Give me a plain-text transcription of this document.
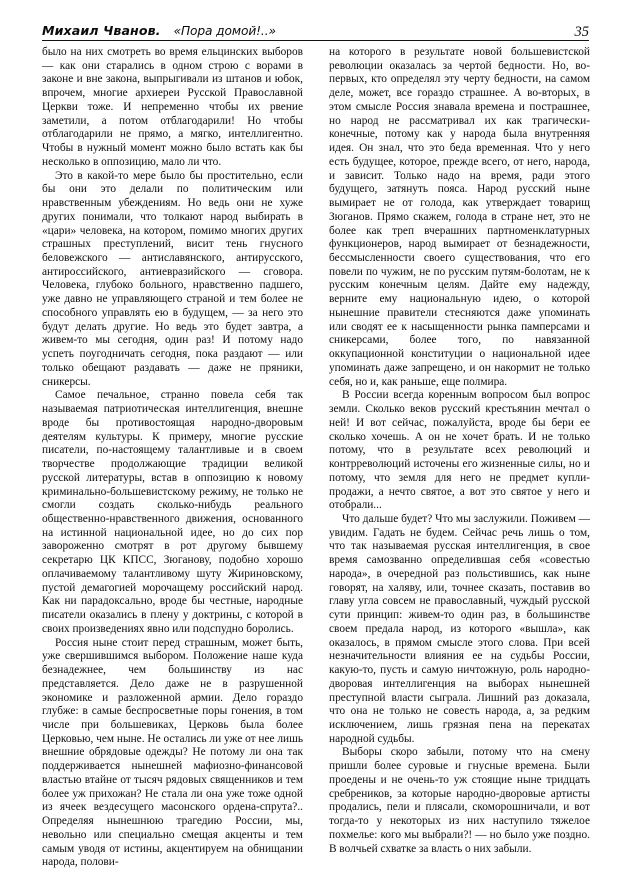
Михаил Чванов. «Пора домой!..»	35

было на них смотреть во время ельцинских выборов — как они старались в одном строю с ворами в законе и вне закона, выпрыгивали из штанов и юбок, впрочем, многие архиереи Русской Православной Церкви тоже. И непременно чтобы их рвение заметили, а потом отблагодарили! Но чтобы отблагодарили не прямо, а мягко, интеллигентно. Чтобы в нужный момент можно было встать как бы несколько в оппозицию, мало ли что.

Это в какой-то мере было бы простительно, если бы они это делали по политическим или нравственным убеждениям. Но ведь они не хуже других понимали, что толкают народ выбирать в «цари» человека, на котором, помимо многих других страшных преступлений, висит тень гнусного беловежского — антиславянского, антирусского, антироссийского, антиевразийского — сговора. Человека, глубоко больного, нравственно падшего, уже давно не управляющего страной и тем более не способного управлять ею в будущем, — за него это будут делать другие. Но ведь это будет завтра, а живем-то мы сегодня, один раз! И потому надо успеть поугодничать сегодня, пока раздают — или только обещают раздавать — даже не пряники, сникерсы.

Самое печальное, странно повела себя так называемая патриотическая интеллигенция, внешне вроде бы противостоящая народно-дворовым деятелям культуры. К примеру, многие русские писатели, по-настоящему талантливые и в своем творчестве продолжающие традиции великой русской литературы, встав в оппозицию к новому криминально-большевистскому режиму, не только не смогли создать сколько-нибудь реального общественно-нравственного движения, основанного на истинной национальной идее, но до сих пор завороженно смотрят в рот другому бывшему секретарю ЦК КПСС, Зюганову, подобно хорошо оплачиваемому талантливому шуту Жириновскому, пустой демагогией морочащему российский народ. Как ни парадоксально, вроде бы честные, народные писатели оказались в плену у доктрины, с которой в своих произведениях явно или подспудно боролись.

Россия ныне стоит перед страшным, может быть, уже свершившимся выбором. Положение наше куда безнадежнее, чем большинству из нас представляется. Дело даже не в разрушенной экономике и разложенной армии. Дело гораздо глубже: в самые беспросветные поры гонения, в том числе при большевиках, Церковь была более Церковью, чем ныне. Не остались ли уже от нее лишь внешние обрядовые одежды? Не потому ли она так поддерживается нынешней мафиозно-финансовой властью втайне от тысяч рядовых священников и тем более уж прихожан? Не стала ли она уже тоже одной из ячеек вездесущего масонского ордена-спрута?.. Определяя нынешнюю трагедию России, мы, невольно или специально смещая акценты и тем самым уводя от истины, акцентируем на обнищании народа, полови-

на которого в результате новой большевистской революции оказалась за чертой бедности. Но, во-первых, кто определял эту черту бедности, на самом деле, может, все гораздо страшнее. А во-вторых, в этом смысле Россия знавала времена и пострашнее, но народ не рассматривал их как трагически-конечные, потому как у народа была внутренняя идея. Он знал, что это беда временная. Что у него есть будущее, которое, прежде всего, от него, народа, и зависит. Только надо на время, ради этого будущего, затянуть пояса. Народ русский ныне вымирает не от голода, как утверждает товарищ Зюганов. Прямо скажем, голода в стране нет, это не более как треп вчерашних партноменклатурных функционеров, народ вымирает от безнадежности, бессмысленности своего существования, что его повели по чужим, не по русским путям-болотам, не к русским конечным целям. Дайте ему надежду, верните ему национальную идею, о которой нынешние правители стесняются даже упоминать или сводят ее к насыщенности рынка памперсами и сникерсами, более того, по навязанной оккупационной конституции о национальной идее упоминать даже запрещено, и он накормит не только себя, но и, как раньше, еще полмира.

В России всегда коренным вопросом был вопрос земли. Сколько веков русский крестьянин мечтал о ней! И вот сейчас, пожалуйста, вроде бы бери ее сколько хочешь. А он не хочет брать. И не только потому, что в результате всех революций и контрреволюций источены его жизненные силы, но и потому, что земля для него не предмет купли-продажи, а нечто святое, а вот это святое у него и отобрали...

Что дальше будет? Что мы заслужили. Поживем — увидим. Гадать не будем. Сейчас речь лишь о том, что так называемая русская интеллигенция, в свое время самозванно определившая себя «совестью народа», в очередной раз польстившись, как ныне говорят, на халяву, или, точнее сказать, поставив во главу угла совсем не православный, чуждый русской сути принцип: живем-то один раз, в большинстве своем предала народ, из которого «вышла», как оказалось, в прямом смысле этого слова. При всей незначительности влияния ее на судьбы России, какую-то, пусть и самую ничтожную, роль народно-дворовая интеллигенция на выборах нынешней преступной власти сыграла. Лишний раз доказала, что она не только не совесть народа, а, за редким исключением, лишь грязная пена на перекатах народной судьбы.

Выборы скоро забыли, потому что на смену пришли более суровые и гнусные времена. Были проедены и не очень-то уж стоящие ныне тридцать сребреников, за которые народно-дворовые артисты продались, пели и плясали, скоморошничали, и вот тогда-то у некоторых из них наступило тяжелое похмелье: кого мы выбрали?! — но было уже поздно. В волчьей схватке за власть о них забыли.
